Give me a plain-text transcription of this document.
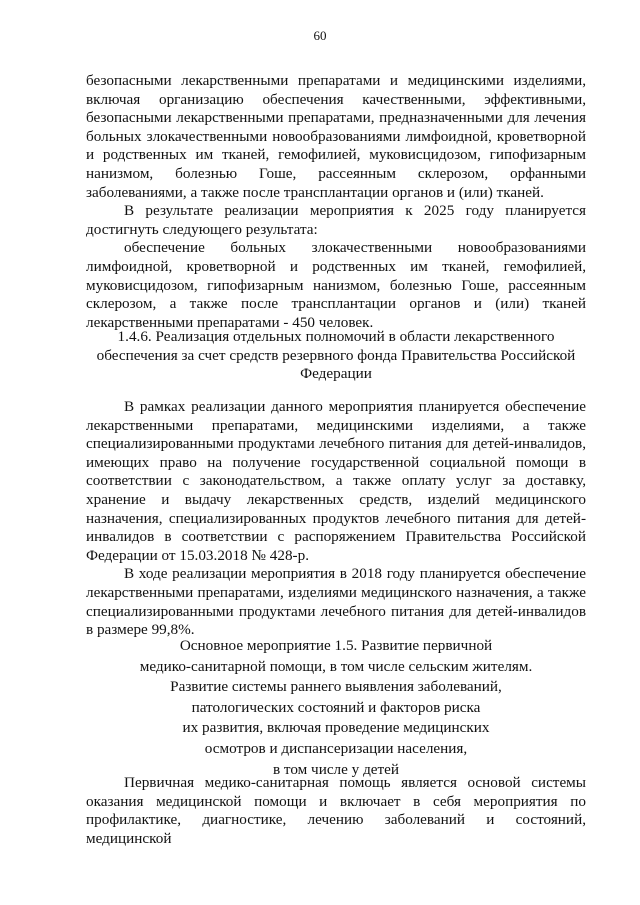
60

безопасными лекарственными препаратами и медицинскими изделиями, включая организацию обеспечения качественными, эффективными, безопасными лекарственными препаратами, предназначенными для лечения больных злокачественными новообразованиями лимфоидной, кроветворной и родственных им тканей, гемофилией, муковисцидозом, гипофизарным нанизмом, болезнью Гоше, рассеянным склерозом, орфанными заболеваниями, а также после трансплантации органов и (или) тканей.

В результате реализации мероприятия к 2025 году планируется достигнуть следующего результата:

обеспечение больных злокачественными новообразованиями лимфоидной, кроветворной и родственных им тканей, гемофилией, муковисцидозом, гипофизарным нанизмом, болезнью Гоше, рассеянным склерозом, а также после трансплантации органов и (или) тканей лекарственными препаратами - 450 человек.

1.4.6. Реализация отдельных полномочий в области лекарственного обеспечения за счет средств резервного фонда Правительства Российской Федерации

В рамках реализации данного мероприятия планируется обеспечение лекарственными препаратами, медицинскими изделиями, а также специализированными продуктами лечебного питания для детей-инвалидов, имеющих право на получение государственной социальной помощи в соответствии с законодательством, а также оплату услуг за доставку, хранение и выдачу лекарственных средств, изделий медицинского назначения, специализированных продуктов лечебного питания для детей-инвалидов в соответствии с распоряжением Правительства Российской Федерации от 15.03.2018 № 428-р.

В ходе реализации мероприятия в 2018 году планируется обеспечение лекарственными препаратами, изделиями медицинского назначения, а также специализированными продуктами лечебного питания для детей-инвалидов в размере 99,8%.

Основное мероприятие 1.5. Развитие первичной
медико-санитарной помощи, в том числе сельским жителям.
Развитие системы раннего выявления заболеваний,
патологических состояний и факторов риска
их развития, включая проведение медицинских
осмотров и диспансеризации населения,
в том числе у детей

Первичная медико-санитарная помощь является основой системы оказания медицинской помощи и включает в себя мероприятия по профилактике, диагностике, лечению заболеваний и состояний, медицинской
